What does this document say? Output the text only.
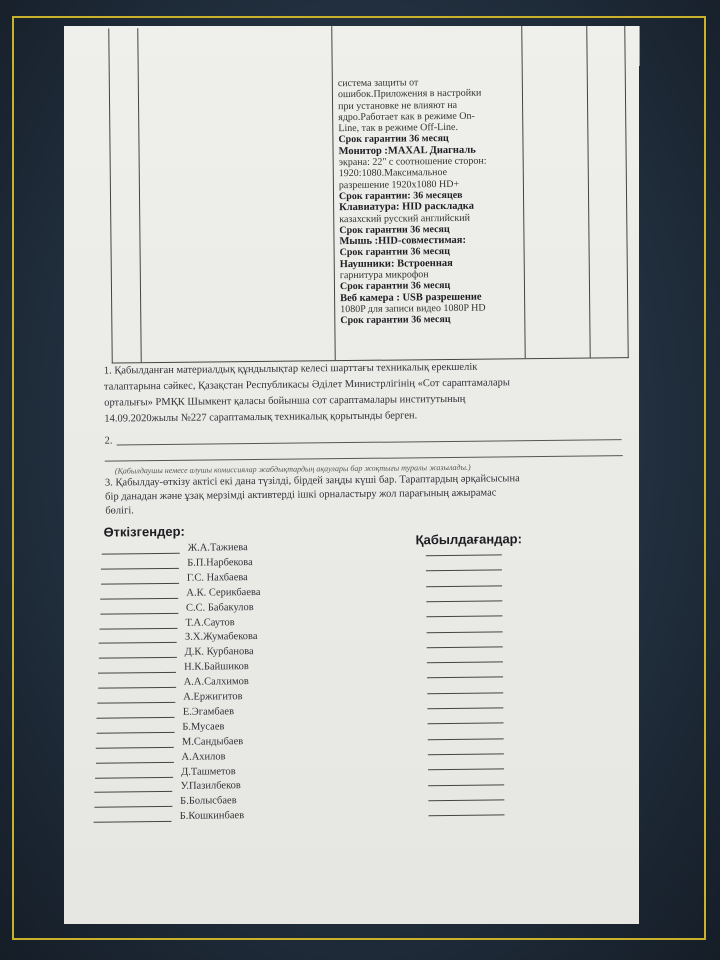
система защиты от
ошибок.Приложения в настройки
при установке не влияют на
ядро.Работает как в режиме On-
Line, так в режиме Off-Line.
Срок гарантии 36 месяц
Монитор :MAXAL Диагналь
экрана: 22" с соотношение сторон:
1920:1080.Максимальное
разрешение 1920х1080 HD+
Срок гарантии: 36 месяцев
Клавиатура: HID раскладка
казахский русский английский
Срок гарантии 36 месяц
Мышь :HID-совместимая:
Срок гарантии 36 месяц
Наушники: Встроенная
гарнитура микрофон
Срок гарантии 36 месяц
Веб камера : USB разрешение
1080P для записи видео 1080P HD
Срок гарантии 36 месяц
1. Қабылданған материалдық құндылықтар келесі шарттағы техникалық ерекшелік
талаптарына сәйкес, Қазақстан Республикасы Әділет Министрлігінің «Сот сараптамалары
орталығы» РМҚК Шымкент қаласы бойынша сот сараптамалары институтының
14.09.2020жылы №227 сараптамалық техникалық қорытынды берген.
2.
(Қабылдаушы немесе алушы комиссиялар жабдықтардың ақаулары бар жоқтығы туралы жазылады.)
3. Қабылдау-өткізу актісі екі дана түзілді, бірдей заңды күші бар. Тараптардың әрқайсысына
бір данадан және ұзақ мерзімді активтерді ішкі орналастыру жол парағының ажырамас
бөлігі.
Өткізгендер:	Қабылдағандар:
Ж.А.Тажиева
Б.П.Нарбекова
Г.С. Нахбаева
А.К. Серикбаева
С.С. Бабакулов
Т.А.Саутов
З.Х.Жумабекова
Д.К. Курбанова
Н.К.Байшиков
А.А.Салхимов
А.Ержигитов
Е.Эгамбаев
Б.Мусаев
М.Сандыбаев
А.Ахилов
Д.Ташметов
У.Пазилбеков
Б.Болысбаев
Б.Кошкинбаев
